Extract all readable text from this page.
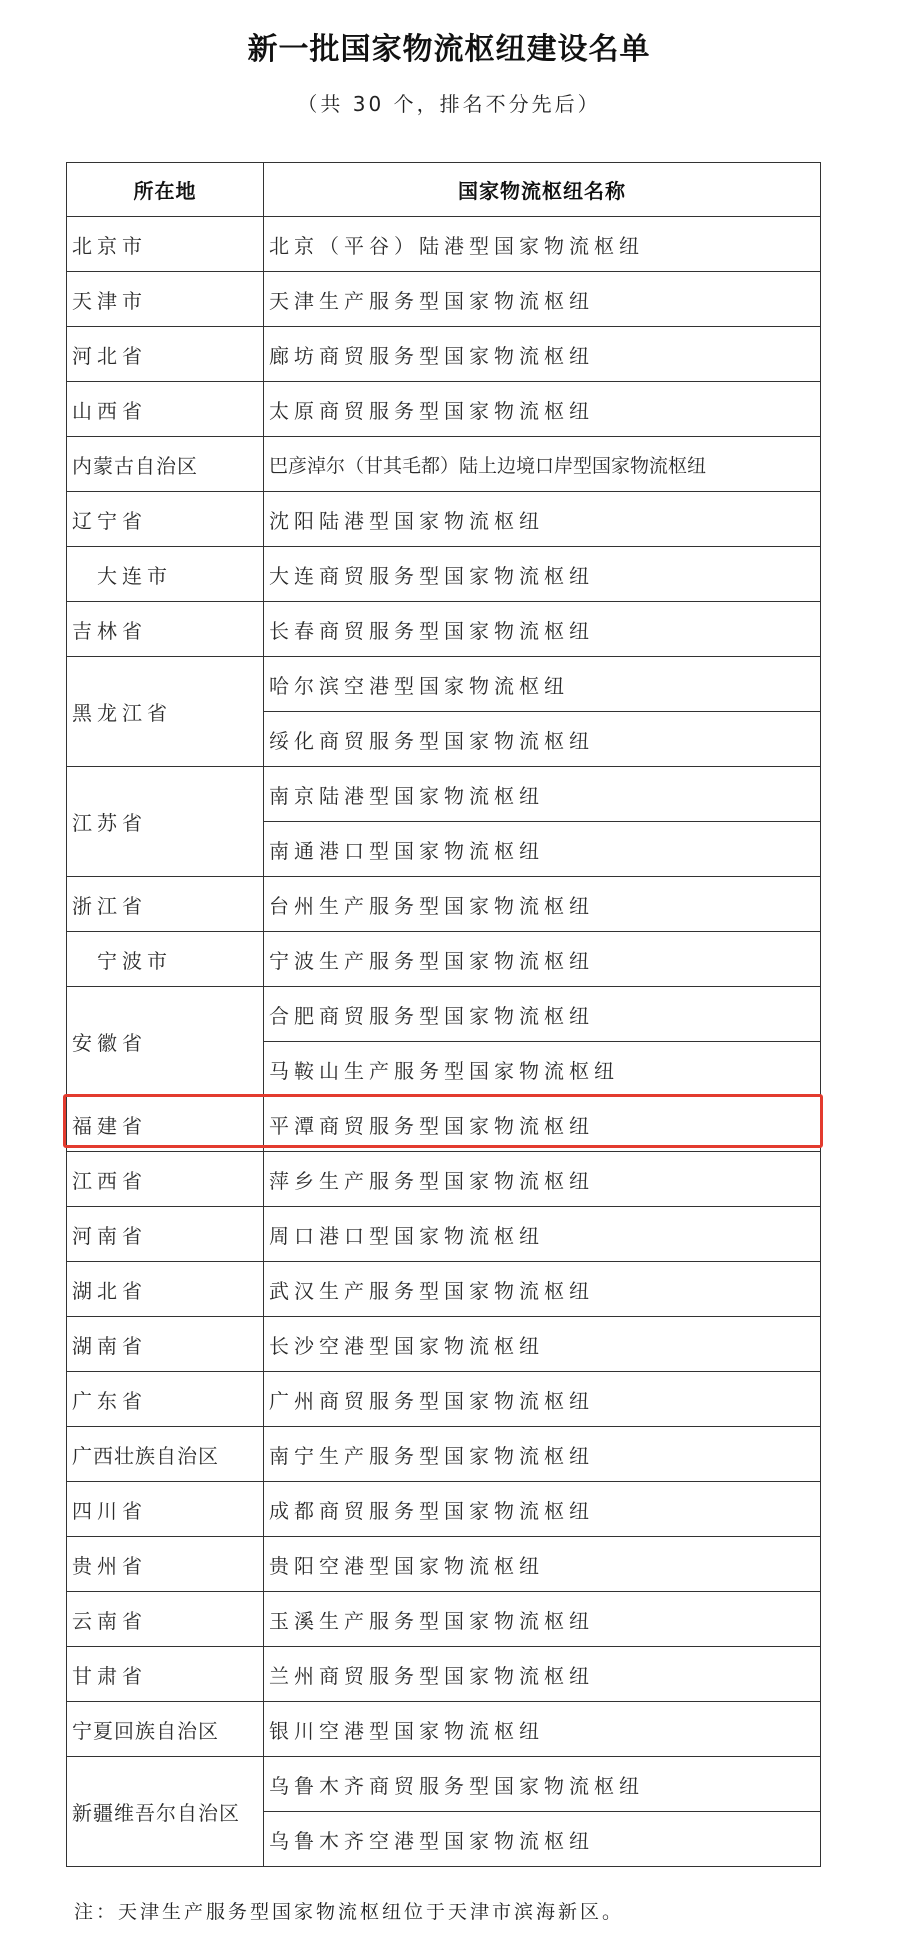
新一批国家物流枢纽建设名单
（共 30 个，排名不分先后）
所在地	国家物流枢纽名称
北京市	北京（平谷）陆港型国家物流枢纽
天津市	天津生产服务型国家物流枢纽
河北省	廊坊商贸服务型国家物流枢纽
山西省	太原商贸服务型国家物流枢纽
内蒙古自治区	巴彦淖尔（甘其毛都）陆上边境口岸型国家物流枢纽
辽宁省	沈阳陆港型国家物流枢纽
大连市	大连商贸服务型国家物流枢纽
吉林省	长春商贸服务型国家物流枢纽
黑龙江省	哈尔滨空港型国家物流枢纽
	绥化商贸服务型国家物流枢纽
江苏省	南京陆港型国家物流枢纽
	南通港口型国家物流枢纽
浙江省	台州生产服务型国家物流枢纽
宁波市	宁波生产服务型国家物流枢纽
安徽省	合肥商贸服务型国家物流枢纽
	马鞍山生产服务型国家物流枢纽
福建省	平潭商贸服务型国家物流枢纽
江西省	萍乡生产服务型国家物流枢纽
河南省	周口港口型国家物流枢纽
湖北省	武汉生产服务型国家物流枢纽
湖南省	长沙空港型国家物流枢纽
广东省	广州商贸服务型国家物流枢纽
广西壮族自治区	南宁生产服务型国家物流枢纽
四川省	成都商贸服务型国家物流枢纽
贵州省	贵阳空港型国家物流枢纽
云南省	玉溪生产服务型国家物流枢纽
甘肃省	兰州商贸服务型国家物流枢纽
宁夏回族自治区	银川空港型国家物流枢纽
新疆维吾尔自治区	乌鲁木齐商贸服务型国家物流枢纽
	乌鲁木齐空港型国家物流枢纽
注：天津生产服务型国家物流枢纽位于天津市滨海新区。
